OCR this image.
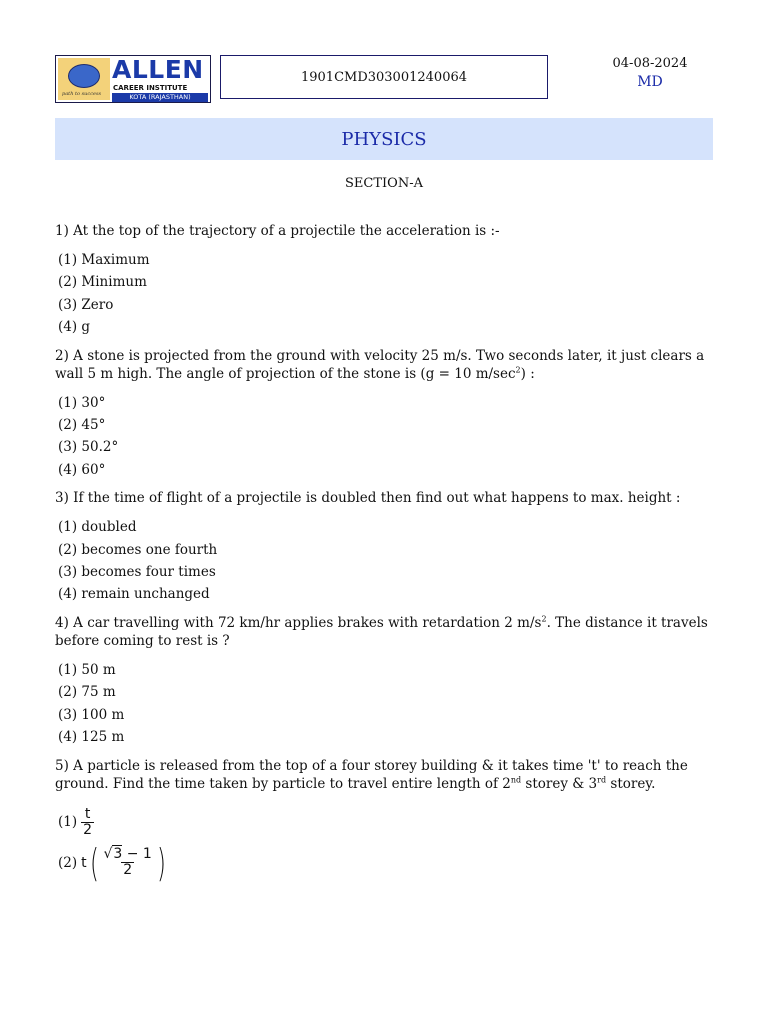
path to success
ALLEN
CAREER INSTITUTE
KOTA (RAJASTHAN)
1901CMD303001240064
04-08-2024
MD
PHYSICS
SECTION-A

1) At the top of the trajectory of a projectile the acceleration is :-

(1) Maximum
(2) Minimum
(3) Zero
(4) g

2) A stone is projected from the ground with velocity 25 m/s. Two seconds later, it just clears a wall 5 m high. The angle of projection of the stone is (g = 10 $m/\sec^2$) :

(1) 30°
(2) 45°
(3) 50.2°
(4) 60°

3) If the time of flight of a projectile is doubled then find out what happens to max. height :

(1) doubled
(2) becomes one fourth
(3) becomes four times
(4) remain unchanged

4) A car travelling with 72 km/hr applies brakes with retardation 2 $m/s^2$. The distance it travels before coming to rest is ?

(1) 50 m
(2) 75 m
(3) 100 m
(4) 125 m

5) A particle is released from the top of a four storey building & it takes time 't' to reach the ground. Find the time taken by particle to travel entire length of 2nd storey & 3rd storey.

$(1) \frac{t}{2}$
(2) t ( $\frac{√3 - 1}{2}$ )
